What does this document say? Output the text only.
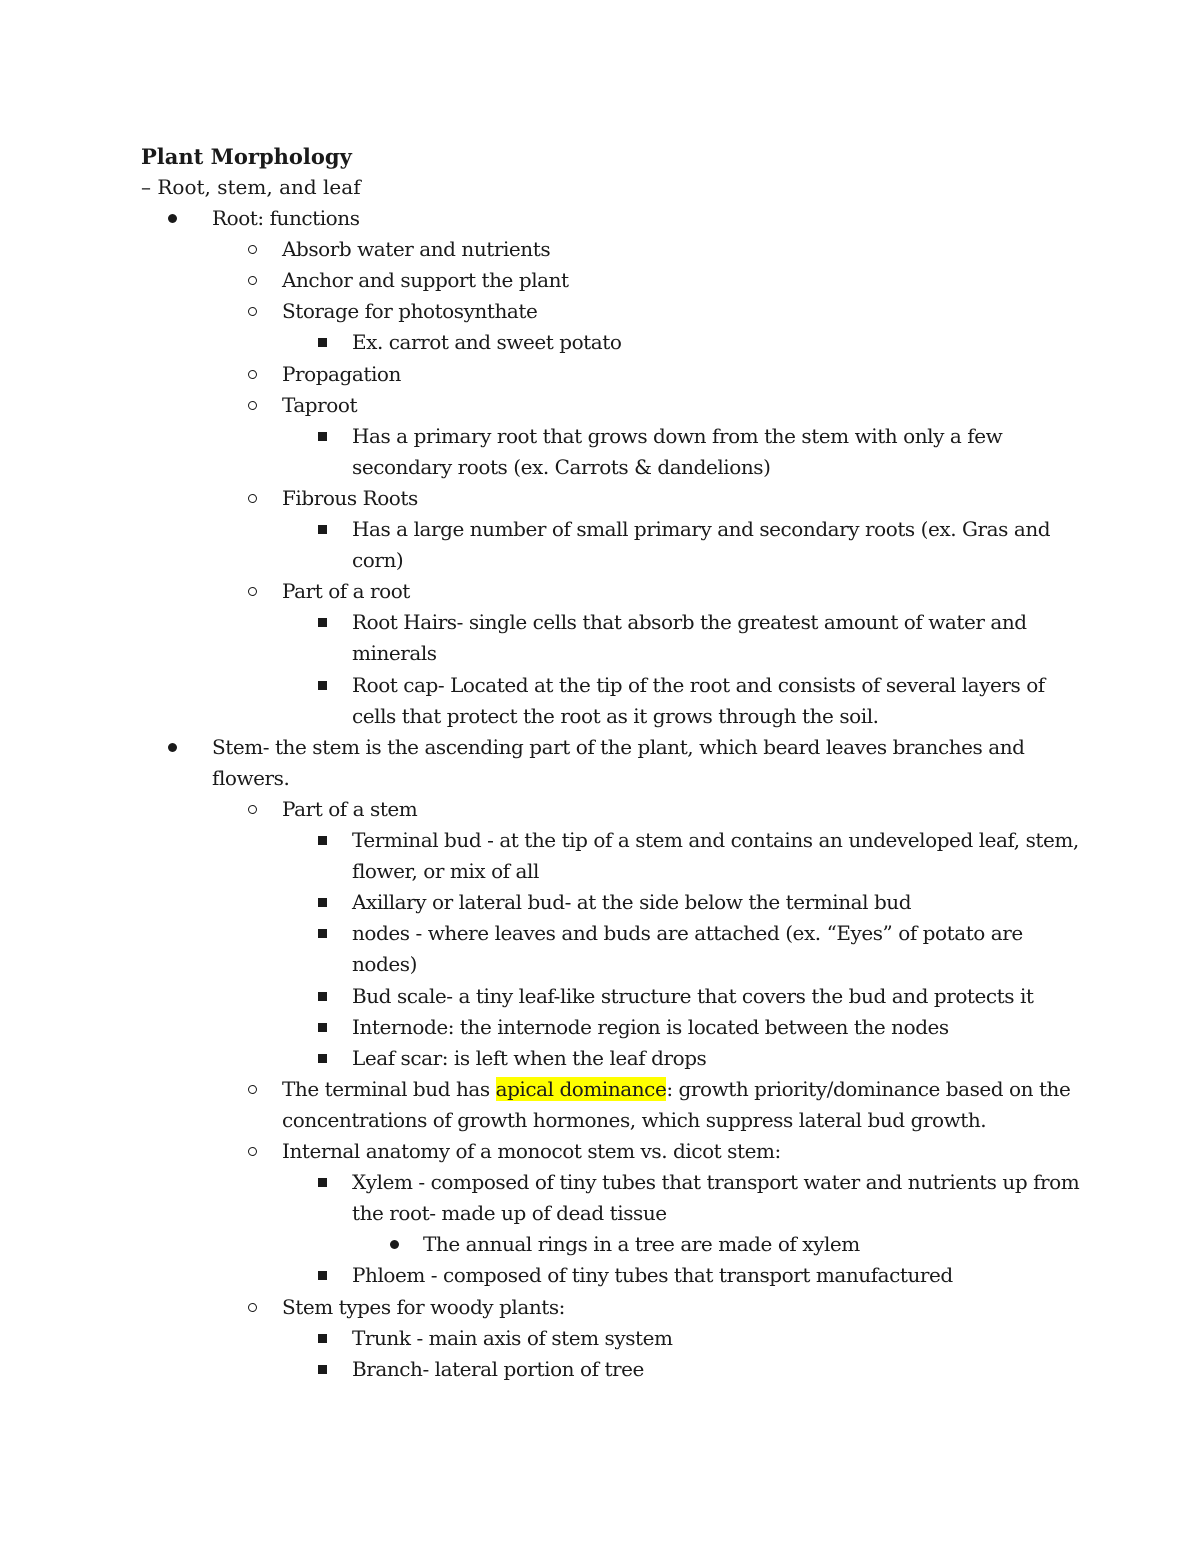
Plant Morphology
– Root, stem, and leaf
Root: functions
Absorb water and nutrients
Anchor and support the plant
Storage for photosynthate
Ex. carrot and sweet potato
Propagation
Taproot
Has a primary root that grows down from the stem with only a few
secondary roots (ex. Carrots & dandelions)
Fibrous Roots
Has a large number of small primary and secondary roots (ex. Gras and
corn)
Part of a root
Root Hairs- single cells that absorb the greatest amount of water and
minerals
Root cap- Located at the tip of the root and consists of several layers of
cells that protect the root as it grows through the soil.
Stem- the stem is the ascending part of the plant, which beard leaves branches and
flowers.
Part of a stem
Terminal bud - at the tip of a stem and contains an undeveloped leaf, stem,
flower, or mix of all
Axillary or lateral bud- at the side below the terminal bud
nodes - where leaves and buds are attached (ex. “Eyes” of potato are
nodes)
Bud scale- a tiny leaf-like structure that covers the bud and protects it
Internode: the internode region is located between the nodes
Leaf scar: is left when the leaf drops
The terminal bud has apical dominance: growth priority/dominance based on the
concentrations of growth hormones, which suppress lateral bud growth.
Internal anatomy of a monocot stem vs. dicot stem:
Xylem - composed of tiny tubes that transport water and nutrients up from
the root- made up of dead tissue
The annual rings in a tree are made of xylem
Phloem - composed of tiny tubes that transport manufactured
Stem types for woody plants:
Trunk - main axis of stem system
Branch- lateral portion of tree
